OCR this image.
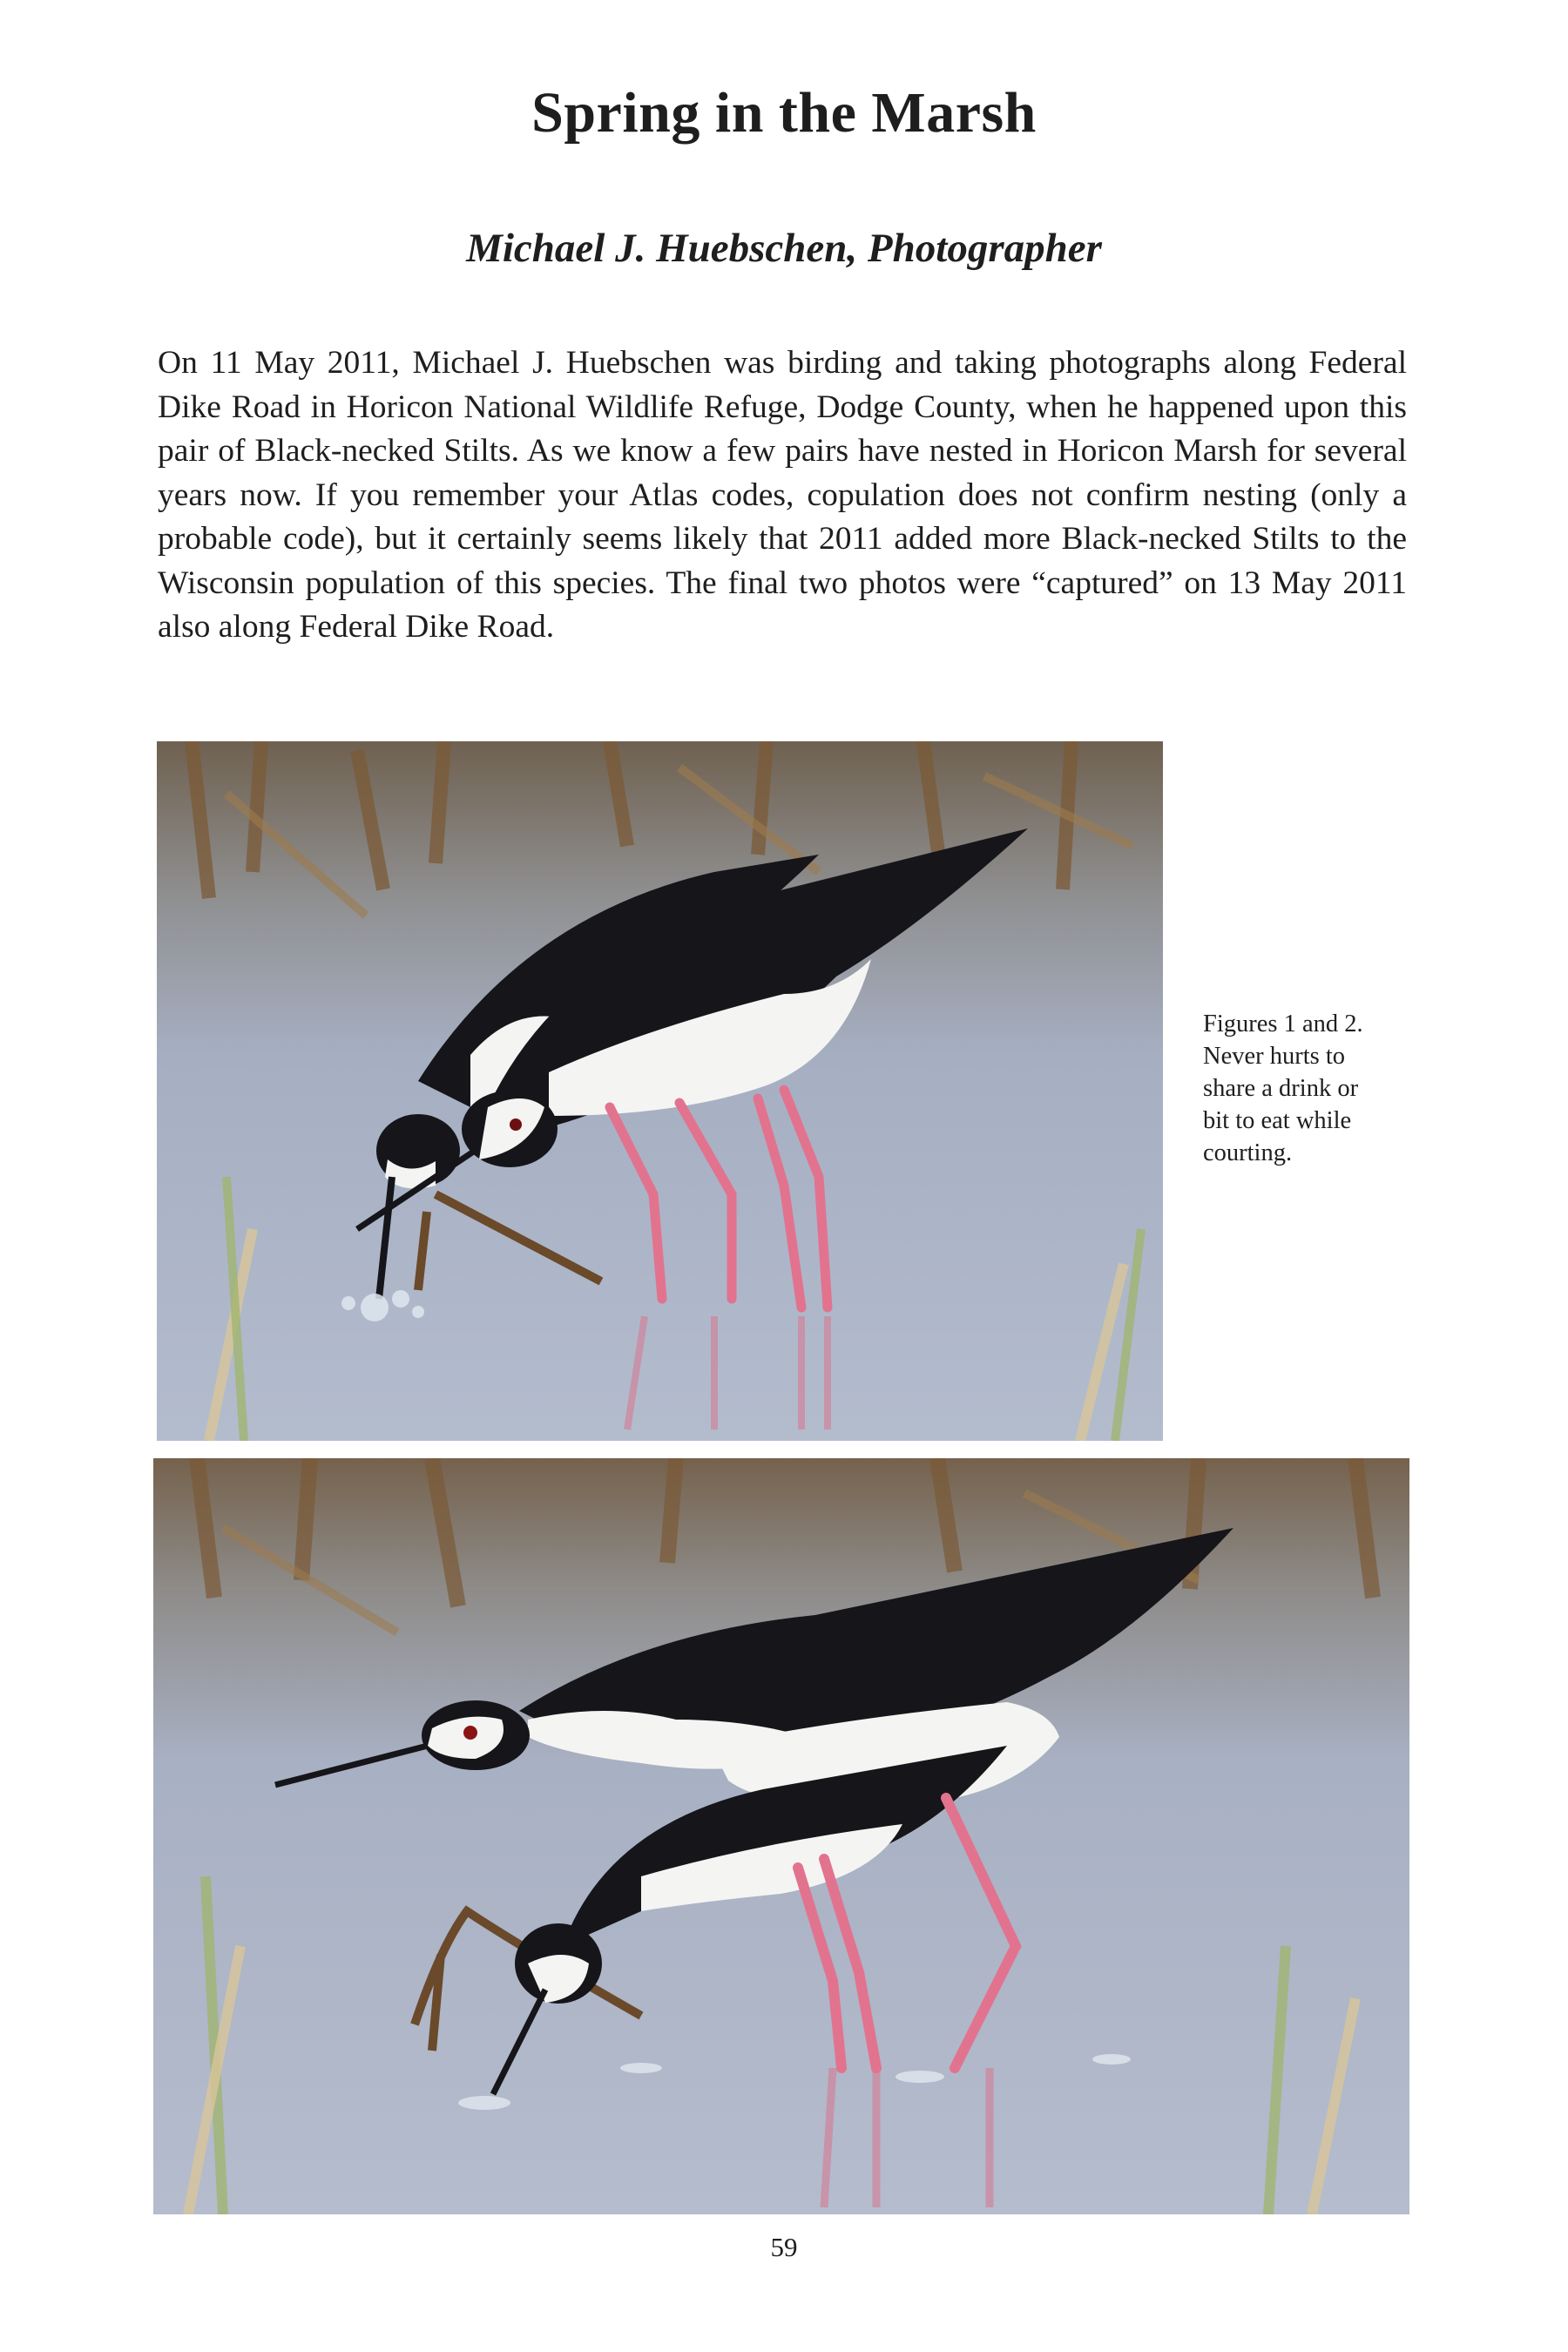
Spring in the Marsh
Michael J. Huebschen, Photographer

On 11 May 2011, Michael J. Huebschen was birding and taking photographs along Federal Dike Road in Horicon National Wildlife Refuge, Dodge County, when he happened upon this pair of Black-necked Stilts. As we know a few pairs have nested in Horicon Marsh for several years now. If you remember your Atlas codes, copulation does not confirm nesting (only a probable code), but it certainly seems likely that 2011 added more Black-necked Stilts to the Wisconsin population of this species. The final two photos were “captured” on 13 May 2011 also along Federal Dike Road.

Figures 1 and 2.
Never hurts to
share a drink or
bit to eat while
courting.
59
